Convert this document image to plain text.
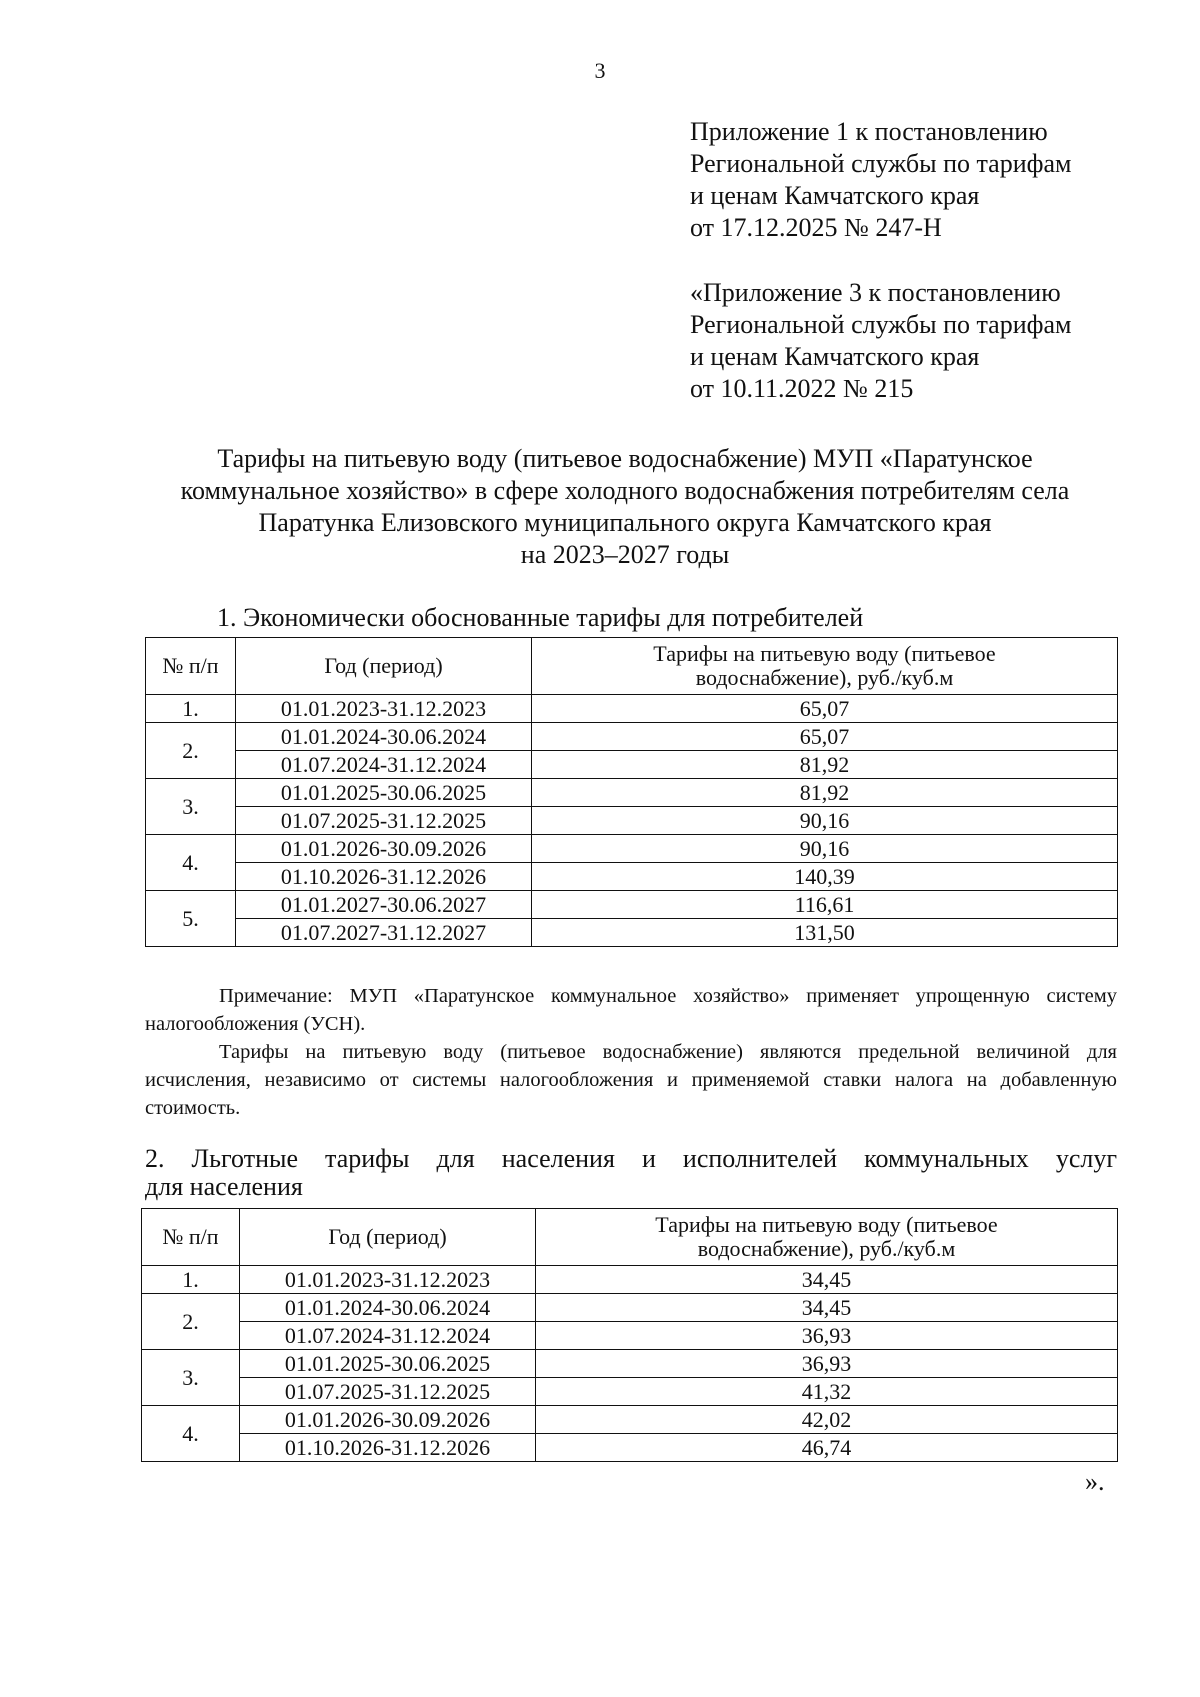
3
Приложение 1 к постановлению
Региональной службы по тарифам
и ценам Камчатского края
от 17.12.2025 № 247-Н
«Приложение 3 к постановлению
Региональной службы по тарифам
и ценам Камчатского края
от 10.11.2022 № 215
Тарифы на питьевую воду (питьевое водоснабжение) МУП «Паратунское
коммунальное хозяйство» в сфере холодного водоснабжения потребителям села
Паратунка Елизовского муниципального округа Камчатского края
на 2023–2027 годы
1. Экономически обоснованные тарифы для потребителей
№ п/п	Год (период)	Тарифы на питьевую воду (питьевое
водоснабжение), руб./куб.м
1.	01.01.2023-31.12.2023	65,07
2.	01.01.2024-30.06.2024	65,07
	01.07.2024-31.12.2024	81,92
3.	01.01.2025-30.06.2025	81,92
	01.07.2025-31.12.2025	90,16
4.	01.01.2026-30.09.2026	90,16
	01.10.2026-31.12.2026	140,39
5.	01.01.2027-30.06.2027	116,61
	01.07.2027-31.12.2027	131,50

Примечание: МУП «Паратунское коммунальное хозяйство» применяет упрощенную систему налогообложения (УСН).

Тарифы на питьевую воду (питьевое водоснабжение) являются предельной величиной для исчисления, независимо от системы налогообложения и применяемой ставки налога на добавленную стоимость.

2. Льготные тарифы для населения и исполнителей коммунальных услуг
для населения
№ п/п	Год (период)	Тарифы на питьевую воду (питьевое
водоснабжение), руб./куб.м
1.	01.01.2023-31.12.2023	34,45
2.	01.01.2024-30.06.2024	34,45
	01.07.2024-31.12.2024	36,93
3.	01.01.2025-30.06.2025	36,93
	01.07.2025-31.12.2025	41,32
4.	01.01.2026-30.09.2026	42,02
	01.10.2026-31.12.2026	46,74
».
